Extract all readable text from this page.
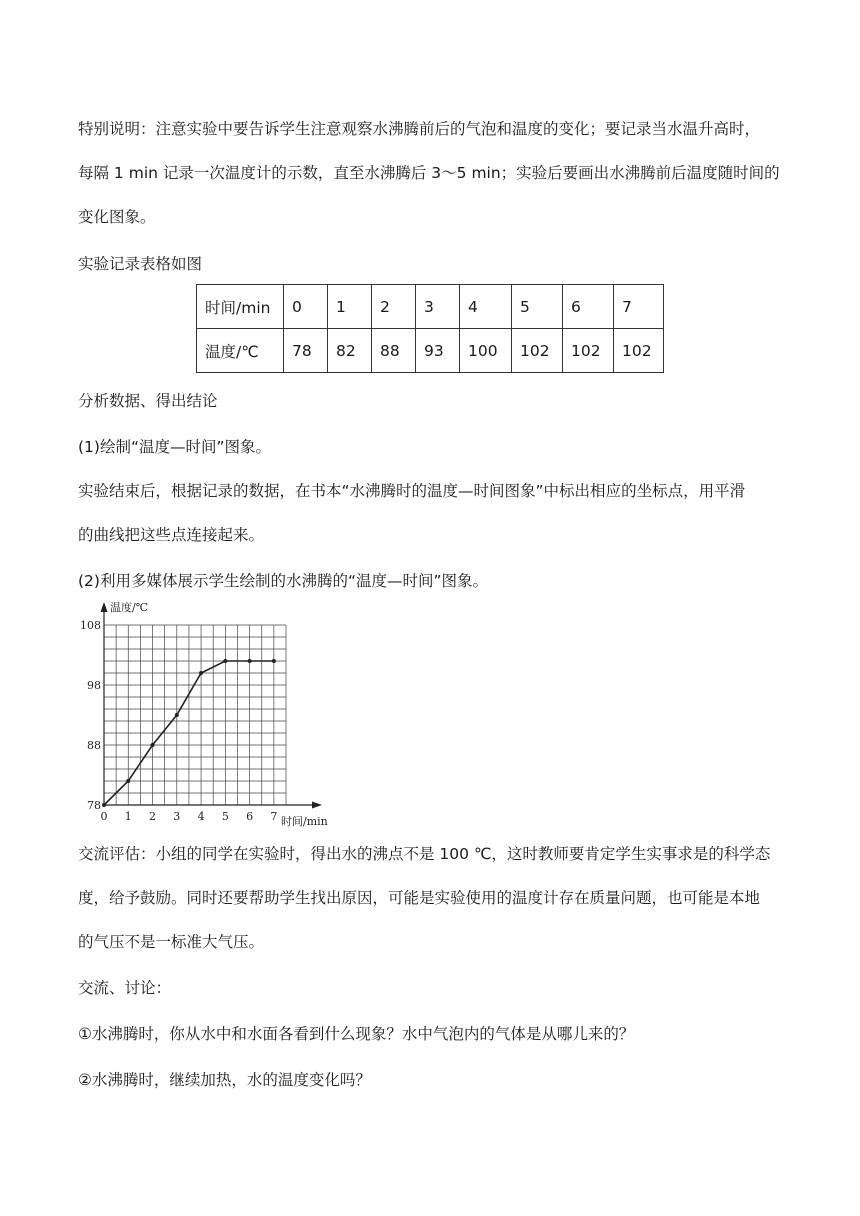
特别说明：注意实验中要告诉学生注意观察水沸腾前后的气泡和温度的变化；要记录当水温升高时，

每隔 1 min 记录一次温度计的示数，直至水沸腾后 3～5 min；实验后要画出水沸腾前后温度随时间的

变化图象。

实验记录表格如图

时间/min	0	1	2	3	4	5	6	7
温度/℃	78	82	88	93	100	102	102	102

分析数据、得出结论

(1)绘制“温度—时间”图象。

实验结束后，根据记录的数据，在书本“水沸腾时的温度—时间图象”中标出相应的坐标点，用平滑

的曲线把这些点连接起来。

(2)利用多媒体展示学生绘制的水沸腾的“温度—时间”图象。

0 1 2 3 4 5 6 7
78
88
98
108
温度/℃
时间/min

交流评估：小组的同学在实验时，得出水的沸点不是 100 ℃，这时教师要肯定学生实事求是的科学态

度，给予鼓励。同时还要帮助学生找出原因，可能是实验使用的温度计存在质量问题，也可能是本地

的气压不是一标准大气压。

交流、讨论：

①水沸腾时，你从水中和水面各看到什么现象？水中气泡内的气体是从哪儿来的？

②水沸腾时，继续加热，水的温度变化吗？
